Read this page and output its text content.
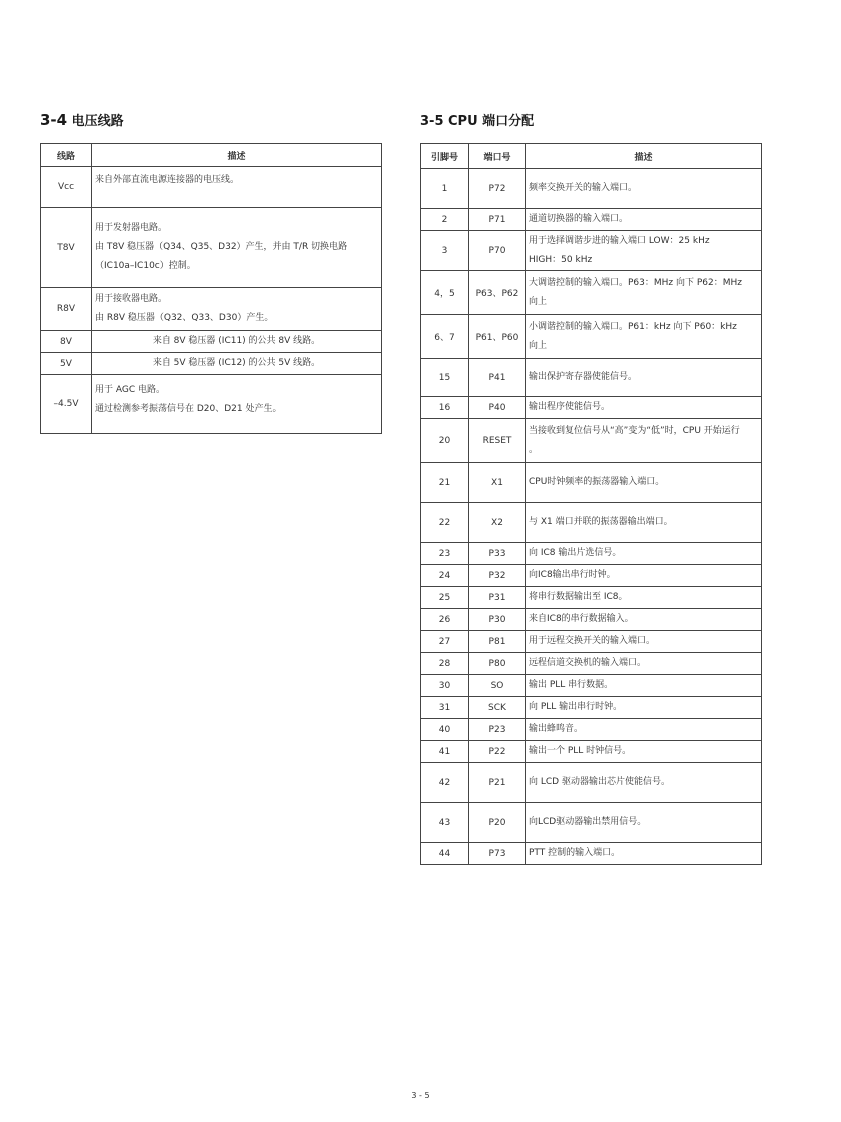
3-4 电压线路	3-5 CPU 端口分配
线路	描述
Vcc	来自外部直流电源连接器的电压线。

T8V	用于发射器电路。
由 T8V 稳压器（Q34、Q35、D32）产生，并由 T/R 切换电路
（IC10a–IC10c）控制。

R8V	用于接收器电路。
由 R8V 稳压器（Q32、Q33、D30）产生。

8V	来自 8V 稳压器 (IC11) 的公共 8V 线路。
5V	来自 5V 稳压器 (IC12) 的公共 5V 线路。
–4.5V	用于 AGC 电路。
通过检测参考振荡信号在 D20、D21 处产生。
引脚号	端口号	描述
1	P72	频率交换开关的输入端口。

2	P71	通道切换器的输入端口。

3	P70	用于选择调谐步进的输入端口 LOW：25 kHz
HIGH：50 kHz

4，5	P63、P62	大调谐控制的输入端口。P63：MHz 向下 P62：MHz
向上

6、7	P61、P60	小调谐控制的输入端口。P61：kHz 向下 P60：kHz
向上

15	P41	输出保护寄存器使能信号。

16	P40	输出程序使能信号。

20	RESET	当接收到复位信号从“高”变为“低”时，CPU 开始运行
。

21	X1	CPU时钟频率的振荡器输入端口。

22	X2	与 X1 端口并联的振荡器输出端口。

23	P33	向 IC8 输出片选信号。

24	P32	向IC8输出串行时钟。

25	P31	将串行数据输出至 IC8。

26	P30	来自IC8的串行数据输入。

27	P81	用于远程交换开关的输入端口。

28	P80	远程信道交换机的输入端口。

30	SO	输出 PLL 串行数据。

31	SCK	向 PLL 输出串行时钟。

40	P23	输出蜂鸣音。

41	P22	输出一个 PLL 时钟信号。

42	P21	向 LCD 驱动器输出芯片使能信号。

43	P20	向LCD驱动器输出禁用信号。

44	P73	PTT 控制的输入端口。
3 - 5
